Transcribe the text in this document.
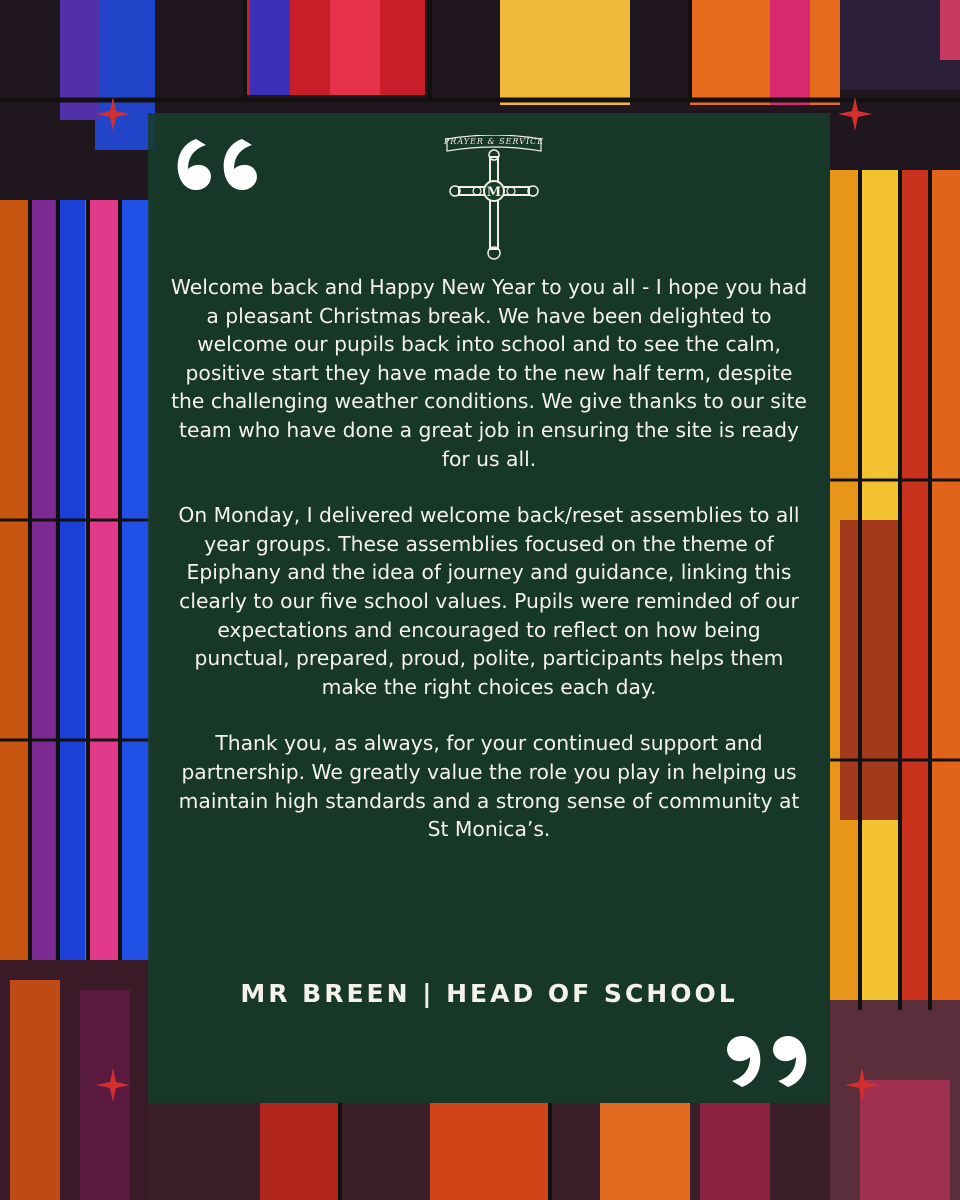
PRAYER & SERVICE
M

Welcome back and Happy New Year to you all - I hope you had a pleasant Christmas break. We have been delighted to welcome our pupils back into school and to see the calm, positive start they have made to the new half term, despite the challenging weather conditions. We give thanks to our site team who have done a great job in ensuring the site is ready for us all.

On Monday, I delivered welcome back/reset assemblies to all year groups. These assemblies focused on the theme of Epiphany and the idea of journey and guidance, linking this clearly to our five school values. Pupils were reminded of our expectations and encouraged to reflect on how being punctual, prepared, proud, polite, participants helps them make the right choices each day.

Thank you, as always, for your continued support and partnership. We greatly value the role you play in helping us maintain high standards and a strong sense of community at St Monica’s.

MR BREEN | HEAD OF SCHOOL
